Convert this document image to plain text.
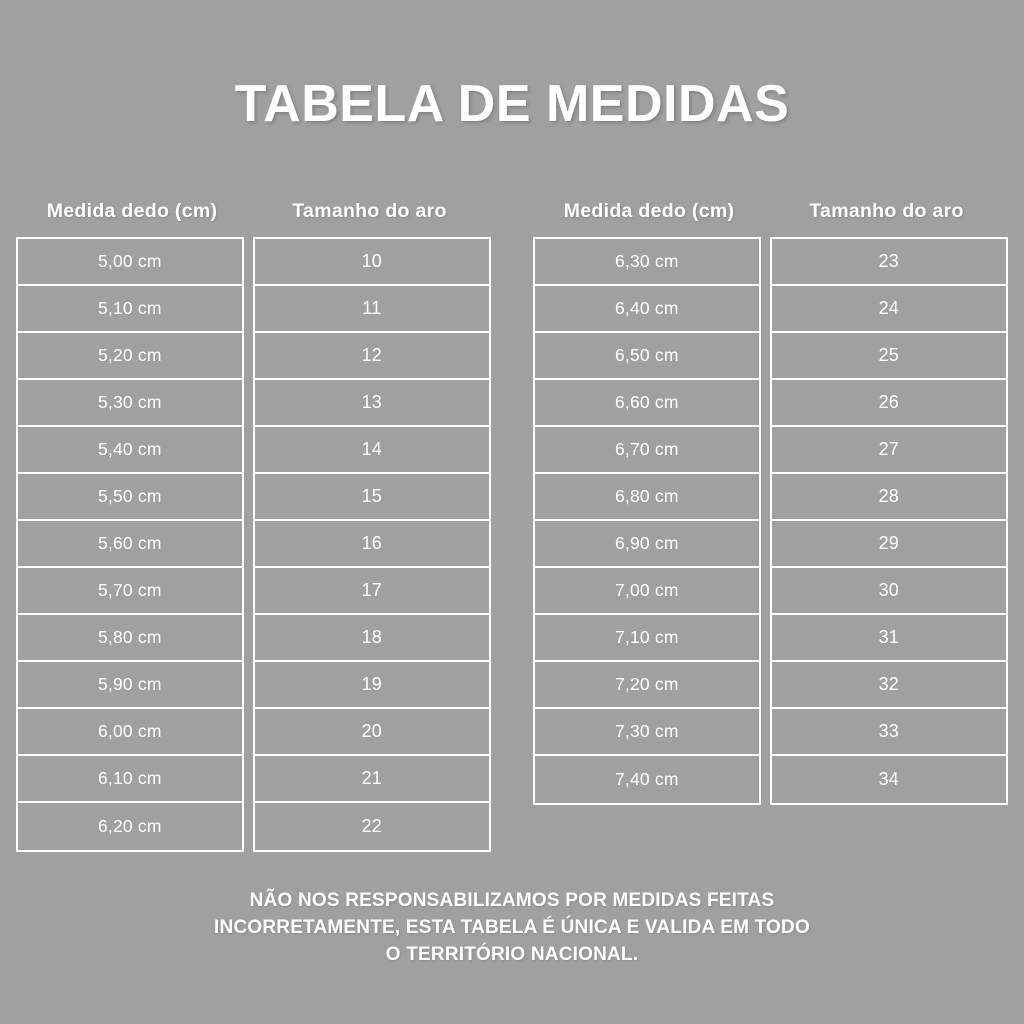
TABELA DE MEDIDAS
Medida dedo (cm)	Tamanho do aro
5,00 cm
5,10 cm
5,20 cm
5,30 cm
5,40 cm
5,50 cm
5,60 cm
5,70 cm
5,80 cm
5,90 cm
6,00 cm
6,10 cm
6,20 cm
10
11
12
13
14
15
16
17
18
19
20
21
22
Medida dedo (cm)	Tamanho do aro
6,30 cm
6,40 cm
6,50 cm
6,60 cm
6,70 cm
6,80 cm
6,90 cm
7,00 cm
7,10 cm
7,20 cm
7,30 cm
7,40 cm
23
24
25
26
27
28
29
30
31
32
33
34
NÃO NOS RESPONSABILIZAMOS POR MEDIDAS FEITAS
INCORRETAMENTE, ESTA TABELA É ÚNICA E VALIDA EM TODO
O TERRITÓRIO NACIONAL.
